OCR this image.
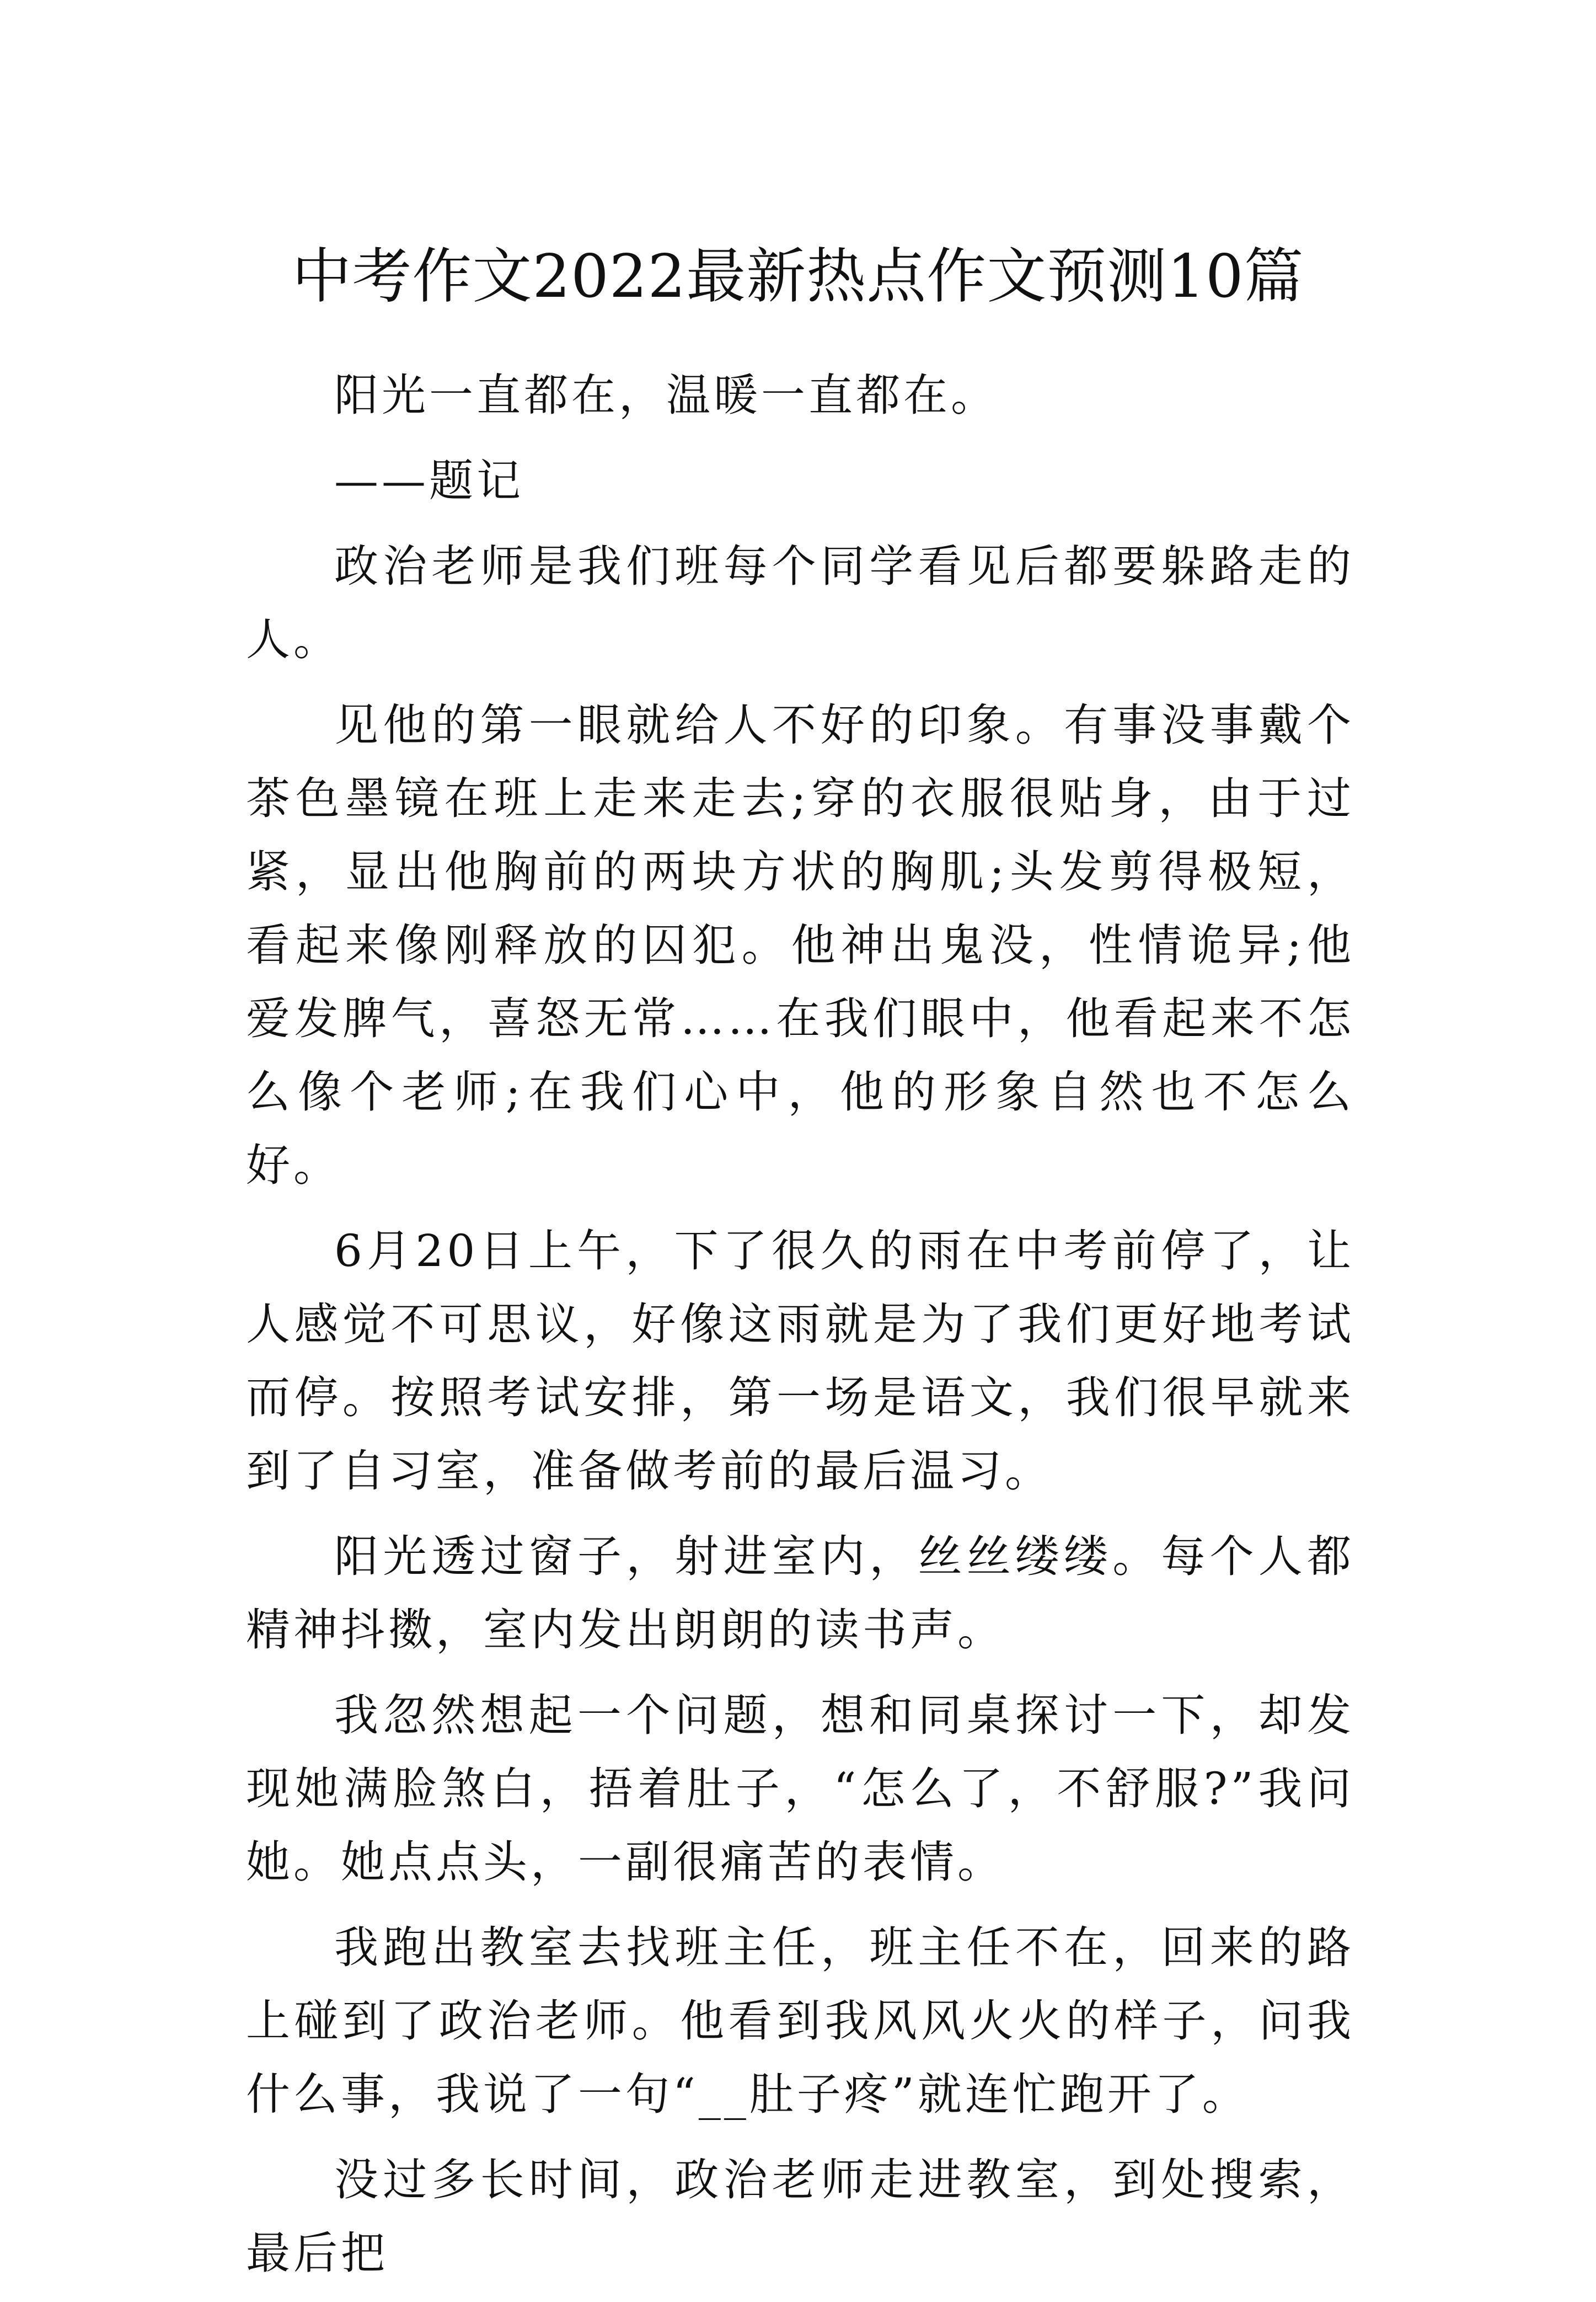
中考作文2022最新热点作文预测10篇

阳光一直都在，温暖一直都在。

——题记

政治老师是我们班每个同学看见后都要躲路走的人。

见他的第一眼就给人不好的印象。有事没事戴个茶色墨镜在班上走来走去;穿的衣服很贴身，由于过紧，显出他胸前的两块方状的胸肌;头发剪得极短，看起来像刚释放的囚犯。他神出鬼没，性情诡异;他爱发脾气，喜怒无常……在我们眼中，他看起来不怎么像个老师;在我们心中，他的形象自然也不怎么好。

6月20日上午，下了很久的雨在中考前停了，让人感觉不可思议，好像这雨就是为了我们更好地考试而停。按照考试安排，第一场是语文，我们很早就来到了自习室，准备做考前的最后温习。

阳光透过窗子，射进室内，丝丝缕缕。每个人都精神抖擞，室内发出朗朗的读书声。

我忽然想起一个问题，想和同桌探讨一下，却发现她满脸煞白，捂着肚子，“怎么了，不舒服?”我问她。她点点头，一副很痛苦的表情。

我跑出教室去找班主任，班主任不在，回来的路上碰到了政治老师。他看到我风风火火的样子，问我什么事，我说了一句“__肚子疼”就连忙跑开了。

没过多长时间，政治老师走进教室，到处搜索，最后把
